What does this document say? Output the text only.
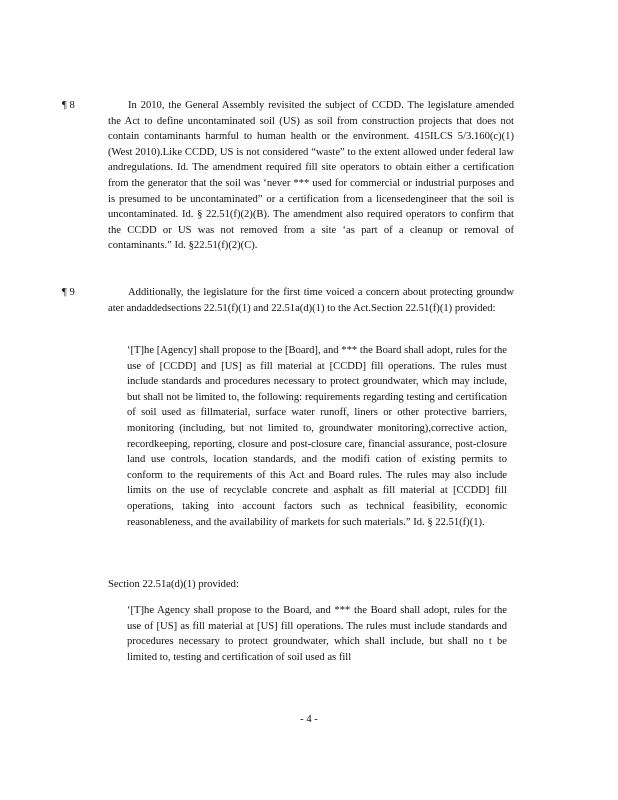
¶ 8	In 2010, the General Assembly revisited the subject of CCDD. The legislature amended the Act to define uncontaminated soil (US) as soil from construction projects that does not contain contaminants harmful to human health or the environment. 415ILCS 5/3.160(c)(1) (West 2010).Like CCDD, US is not considered “waste” to the extent allowed under federal law andregulations. Id. The amendment required fill site operators to obtain either a certification from the generator that the soil was ‘never *** used for commercial or industrial purposes and is presumed to be uncontaminated” or a certification from a licensedengineer that the soil is uncontaminated. Id. § 22.51(f)(2)(B). The amendment also required operators to confirm that the CCDD or US was not removed from a site ‘as part of a cleanup or removal of contaminants.” Id. §22.51(f)(2)(C).

¶ 9	Additionally, the legislature for the first time voiced a concern about protecting groundw ater andaddedsections 22.51(f)(1) and 22.51a(d)(1) to the Act.Section 22.51(f)(1) provided:

‘[T]he [Agency] shall propose to the [Board], and *** the Board shall adopt, rules for the use of [CCDD] and [US] as fill material at [CCDD] fill operations. The rules must include standards and procedures necessary to protect groundwater, which may include, but shall not be limited to, the following: requirements regarding testing and certification of soil used as fillmaterial, surface water runoff, liners or other protective barriers, monitoring (including, but not limited to, groundwater monitoring),corrective action, recordkeeping, reporting, closure and post-closure care, financial assurance, post-closure land use controls, location standards, and the modifi cation of existing permits to conform to the requirements of this Act and Board rules. The rules may also include limits on the use of recyclable concrete and asphalt as fill material at [CCDD] fill operations, taking into account factors such as technical feasibility, economic reasonableness, and the availability of markets for such materials.” Id. § 22.51(f)(1).

Section 22.51a(d)(1) provided:

‘[T]he Agency shall propose to the Board, and *** the Board shall adopt, rules for the use of [US] as fill material at [US] fill operations. The rules must include standards and procedures necessary to protect groundwater, which shall include, but shall no t be limited to, testing and certification of soil used as fill

- 4 -
